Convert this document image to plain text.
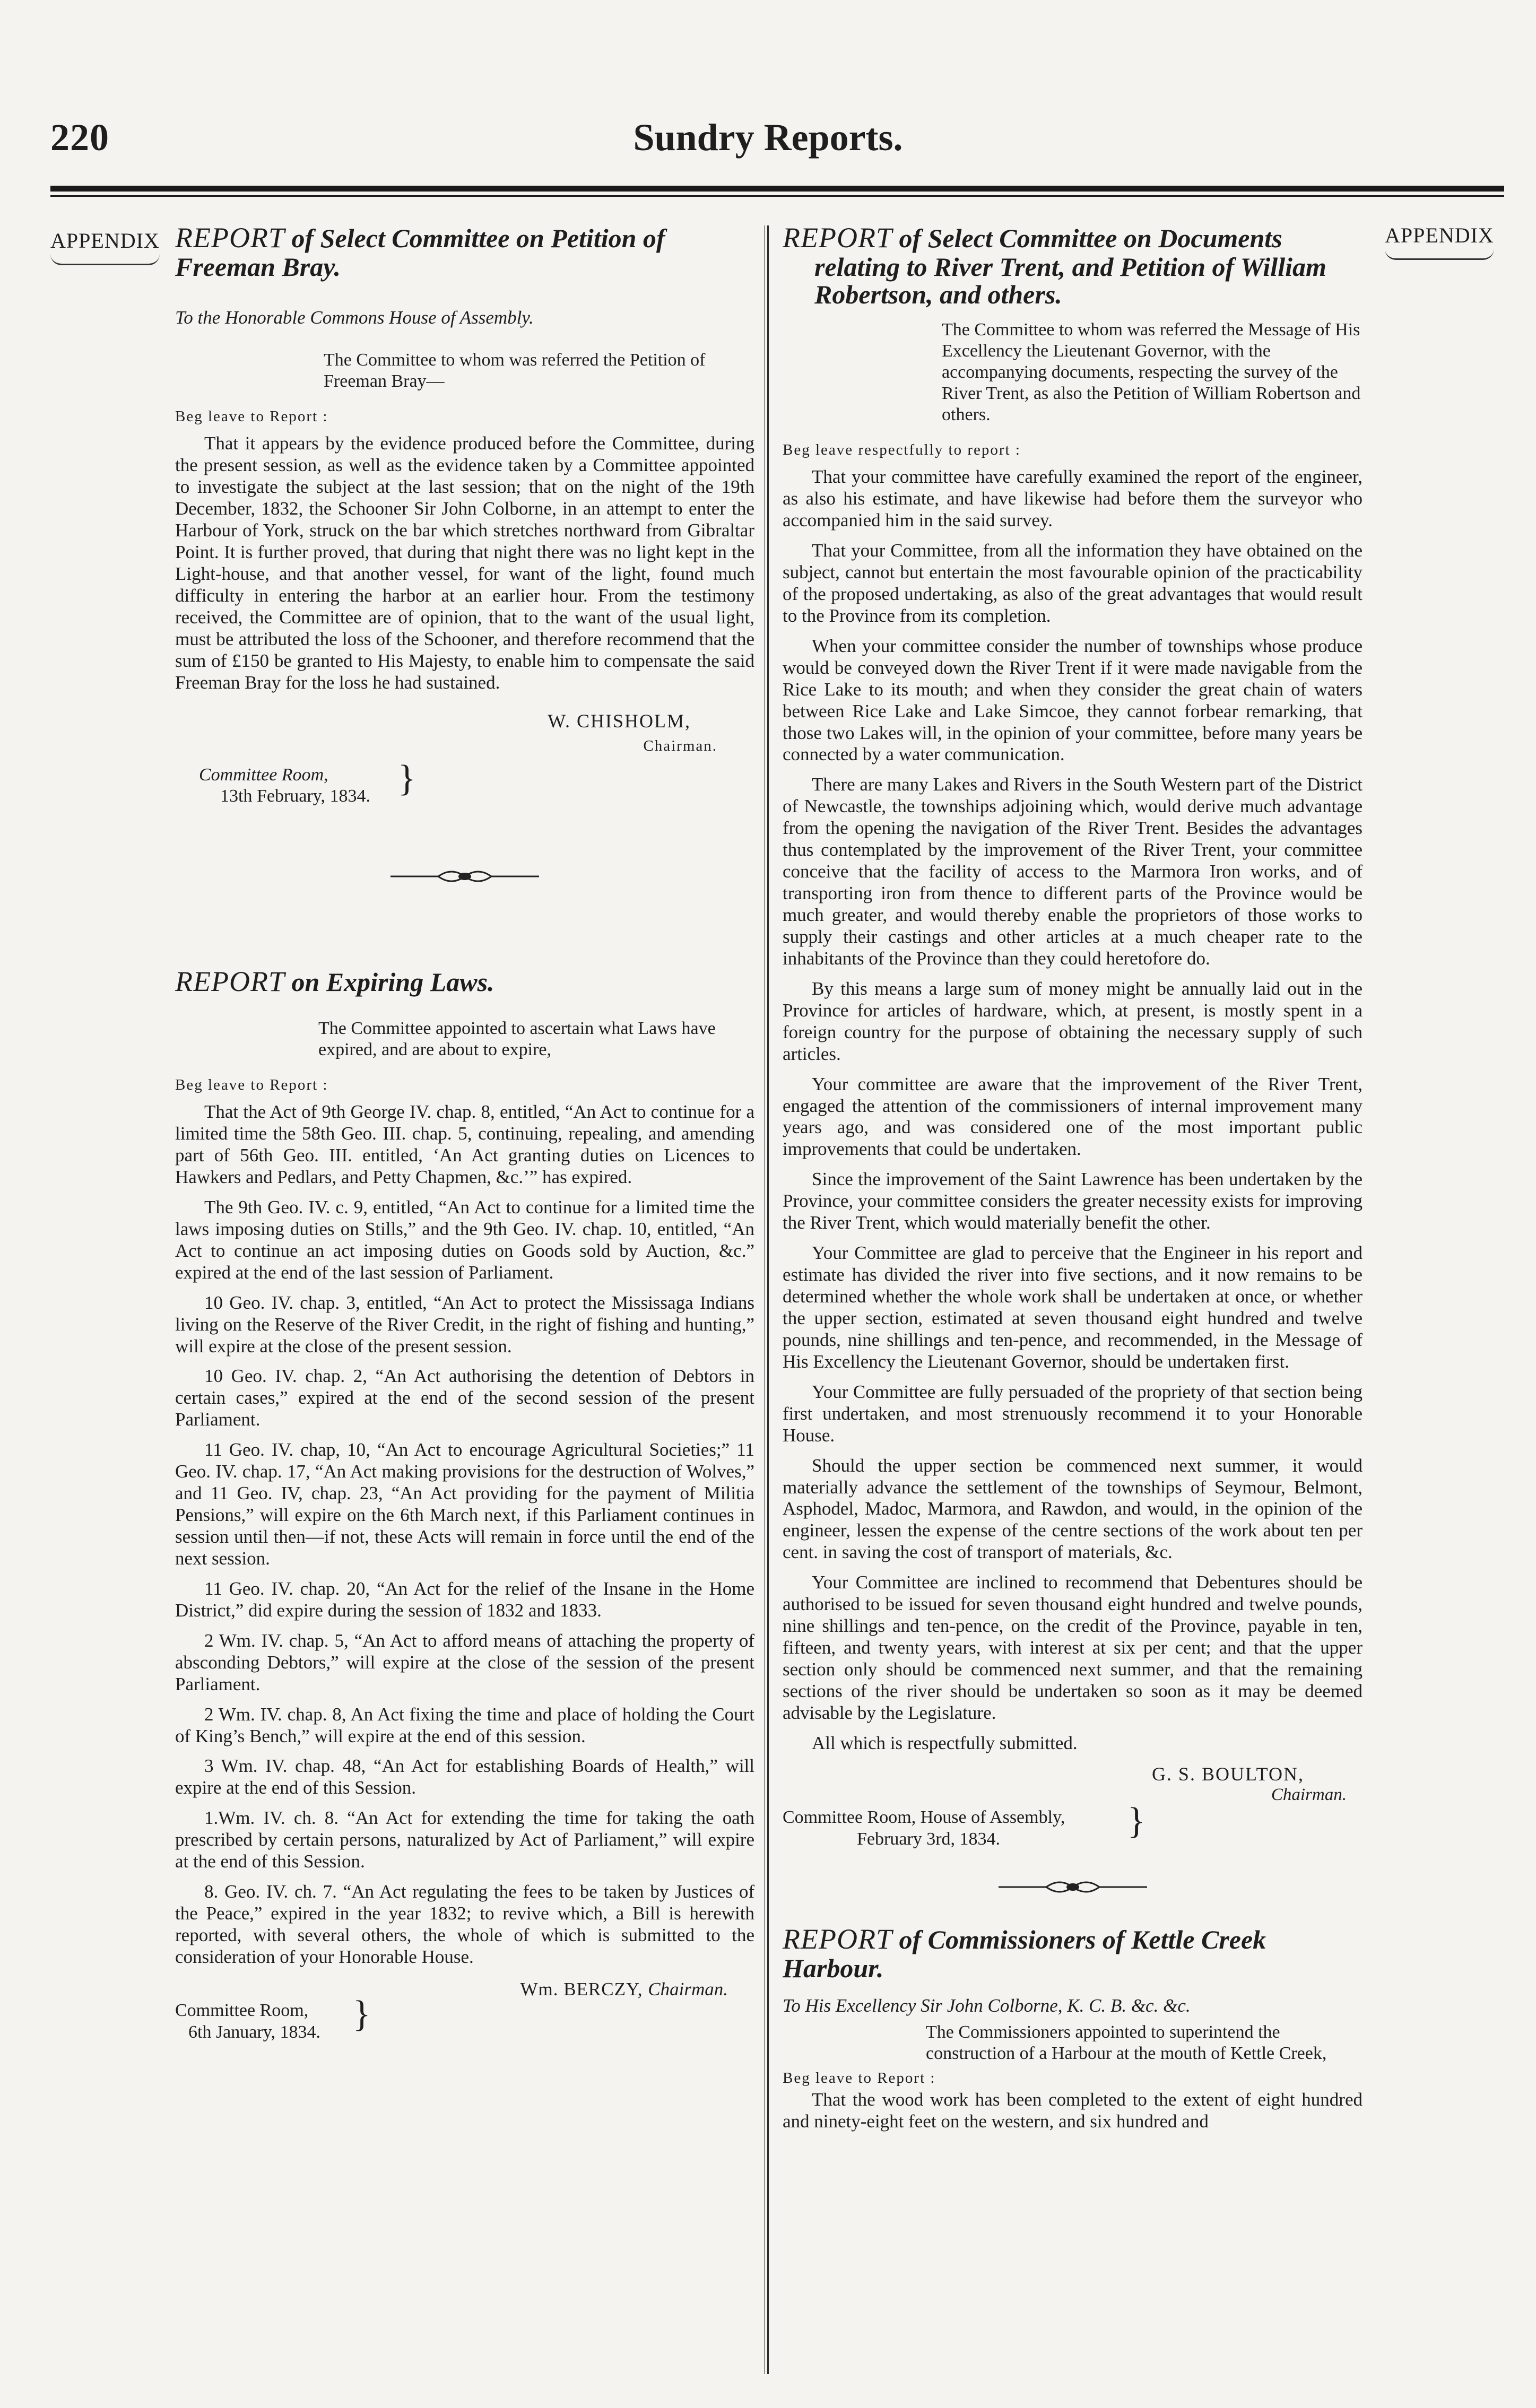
220	Sundry Reports.
APPENDIX	APPENDIX
REPORT of Select Committee on Petition of Freeman Bray.
To the Honorable Commons House of Assembly.
The Committee to whom was referred the Petition of Freeman Bray—
Beg leave to Report :

That it appears by the evidence produced before the Committee, during the present session, as well as the evidence taken by a Committee appointed to investigate the subject at the last session; that on the night of the 19th December, 1832, the Schooner Sir John Colborne, in an attempt to enter the Harbour of York, struck on the bar which stretches northward from Gibraltar Point. It is further proved, that during that night there was no light kept in the Light-house, and that another vessel, for want of the light, found much difficulty in entering the harbor at an earlier hour. From the testimony received, the Committee are of opinion, that to the want of the usual light, must be attributed the loss of the Schooner, and therefore recommend that the sum of £150 be granted to His Majesty, to enable him to compensate the said Freeman Bray for the loss he had sustained.

W. CHISHOLM,
Chairman.
Committee Room,
13th February, 1834. }
REPORT on Expiring Laws.
The Committee appointed to ascertain what Laws have expired, and are about to expire,
Beg leave to Report :

That the Act of 9th George IV. chap. 8, entitled, “An Act to continue for a limited time the 58th Geo. III. chap. 5, continuing, repealing, and amending part of 56th Geo. III. entitled, ‘An Act granting duties on Licences to Hawkers and Pedlars, and Petty Chapmen, &c.’” has expired.

The 9th Geo. IV. c. 9, entitled, “An Act to continue for a limited time the laws imposing duties on Stills,” and the 9th Geo. IV. chap. 10, entitled, “An Act to continue an act imposing duties on Goods sold by Auction, &c.” expired at the end of the last session of Parliament.

10 Geo. IV. chap. 3, entitled, “An Act to protect the Mississaga Indians living on the Reserve of the River Credit, in the right of fishing and hunting,” will expire at the close of the present session.

10 Geo. IV. chap. 2, “An Act authorising the detention of Debtors in certain cases,” expired at the end of the second session of the present Parliament.

11 Geo. IV. chap, 10, “An Act to encourage Agricultural Societies;” 11 Geo. IV. chap. 17, “An Act making provisions for the destruction of Wolves,” and 11 Geo. IV, chap. 23, “An Act providing for the payment of Militia Pensions,” will expire on the 6th March next, if this Parliament continues in session until then—if not, these Acts will remain in force until the end of the next session.

11 Geo. IV. chap. 20, “An Act for the relief of the Insane in the Home District,” did expire during the session of 1832 and 1833.

2 Wm. IV. chap. 5, “An Act to afford means of attaching the property of absconding Debtors,” will expire at the close of the session of the present Parliament.

2 Wm. IV. chap. 8, An Act fixing the time and place of holding the Court of King’s Bench,” will expire at the end of this session.

3 Wm. IV. chap. 48, “An Act for establishing Boards of Health,” will expire at the end of this Session.

1.Wm. IV. ch. 8. “An Act for extending the time for taking the oath prescribed by certain persons, naturalized by Act of Parliament,” will expire at the end of this Session.

8. Geo. IV. ch. 7. “An Act regulating the fees to be taken by Justices of the Peace,” expired in the year 1832; to revive which, a Bill is herewith reported, with several others, the whole of which is submitted to the consideration of your Honorable House.

Wm. BERCZY, Chairman.
Committee Room,
6th January, 1834. }
REPORT of Select Committee on Documents relating to River Trent, and Petition of William Robertson, and others.
The Committee to whom was referred the Message of His Excellency the Lieutenant Governor, with the accompanying documents, respecting the survey of the River Trent, as also the Petition of William Robertson and others.
Beg leave respectfully to report :

That your committee have carefully examined the report of the engineer, as also his estimate, and have likewise had before them the surveyor who accompanied him in the said survey.

That your Committee, from all the information they have obtained on the subject, cannot but entertain the most favourable opinion of the practicability of the proposed undertaking, as also of the great advantages that would result to the Province from its completion.

When your committee consider the number of townships whose produce would be conveyed down the River Trent if it were made navigable from the Rice Lake to its mouth; and when they consider the great chain of waters between Rice Lake and Lake Simcoe, they cannot forbear remarking, that those two Lakes will, in the opinion of your committee, before many years be connected by a water communication.

There are many Lakes and Rivers in the South Western part of the District of Newcastle, the townships adjoining which, would derive much advantage from the opening the navigation of the River Trent. Besides the advantages thus contemplated by the improvement of the River Trent, your committee conceive that the facility of access to the Marmora Iron works, and of transporting iron from thence to different parts of the Province would be much greater, and would thereby enable the proprietors of those works to supply their castings and other articles at a much cheaper rate to the inhabitants of the Province than they could heretofore do.

By this means a large sum of money might be annually laid out in the Province for articles of hardware, which, at present, is mostly spent in a foreign country for the purpose of obtaining the necessary supply of such articles.

Your committee are aware that the improvement of the River Trent, engaged the attention of the commissioners of internal improvement many years ago, and was considered one of the most important public improvements that could be undertaken.

Since the improvement of the Saint Lawrence has been undertaken by the Province, your committee considers the greater necessity exists for improving the River Trent, which would materially benefit the other.

Your Committee are glad to perceive that the Engineer in his report and estimate has divided the river into five sections, and it now remains to be determined whether the whole work shall be undertaken at once, or whether the upper section, estimated at seven thousand eight hundred and twelve pounds, nine shillings and ten-pence, and recommended, in the Message of His Excellency the Lieutenant Governor, should be undertaken first.

Your Committee are fully persuaded of the propriety of that section being first undertaken, and most strenuously recommend it to your Honorable House.

Should the upper section be commenced next summer, it would materially advance the settlement of the townships of Seymour, Belmont, Asphodel, Madoc, Marmora, and Rawdon, and would, in the opinion of the engineer, lessen the expense of the centre sections of the work about ten per cent. in saving the cost of transport of materials, &c.

Your Committee are inclined to recommend that Debentures should be authorised to be issued for seven thousand eight hundred and twelve pounds, nine shillings and ten-pence, on the credit of the Province, payable in ten, fifteen, and twenty years, with interest at six per cent; and that the upper section only should be commenced next summer, and that the remaining sections of the river should be undertaken so soon as it may be deemed advisable by the Legislature.

All which is respectfully submitted.

G. S. BOULTON,
Chairman.
Committee Room, House of Assembly,
February 3rd, 1834.	}
REPORT of Commissioners of Kettle Creek Harbour.
To His Excellency Sir John Colborne, K. C. B. &c. &c.
The Commissioners appointed to superintend the construction of a Harbour at the mouth of Kettle Creek,
Beg leave to Report :

That the wood work has been completed to the extent of eight hundred and ninety-eight feet on the western, and six hundred and
